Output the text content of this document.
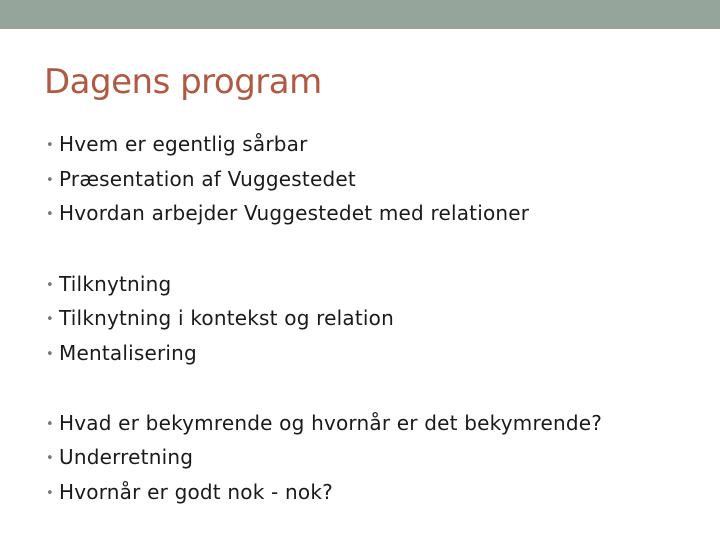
Dagens program
• Hvem er egentlig sårbar
• Præsentation af Vuggestedet
• Hvordan arbejder Vuggestedet med relationer
• Tilknytning
• Tilknytning i kontekst og relation
• Mentalisering
• Hvad er bekymrende og hvornår er det bekymrende?
• Underretning
• Hvornår er godt nok - nok?
